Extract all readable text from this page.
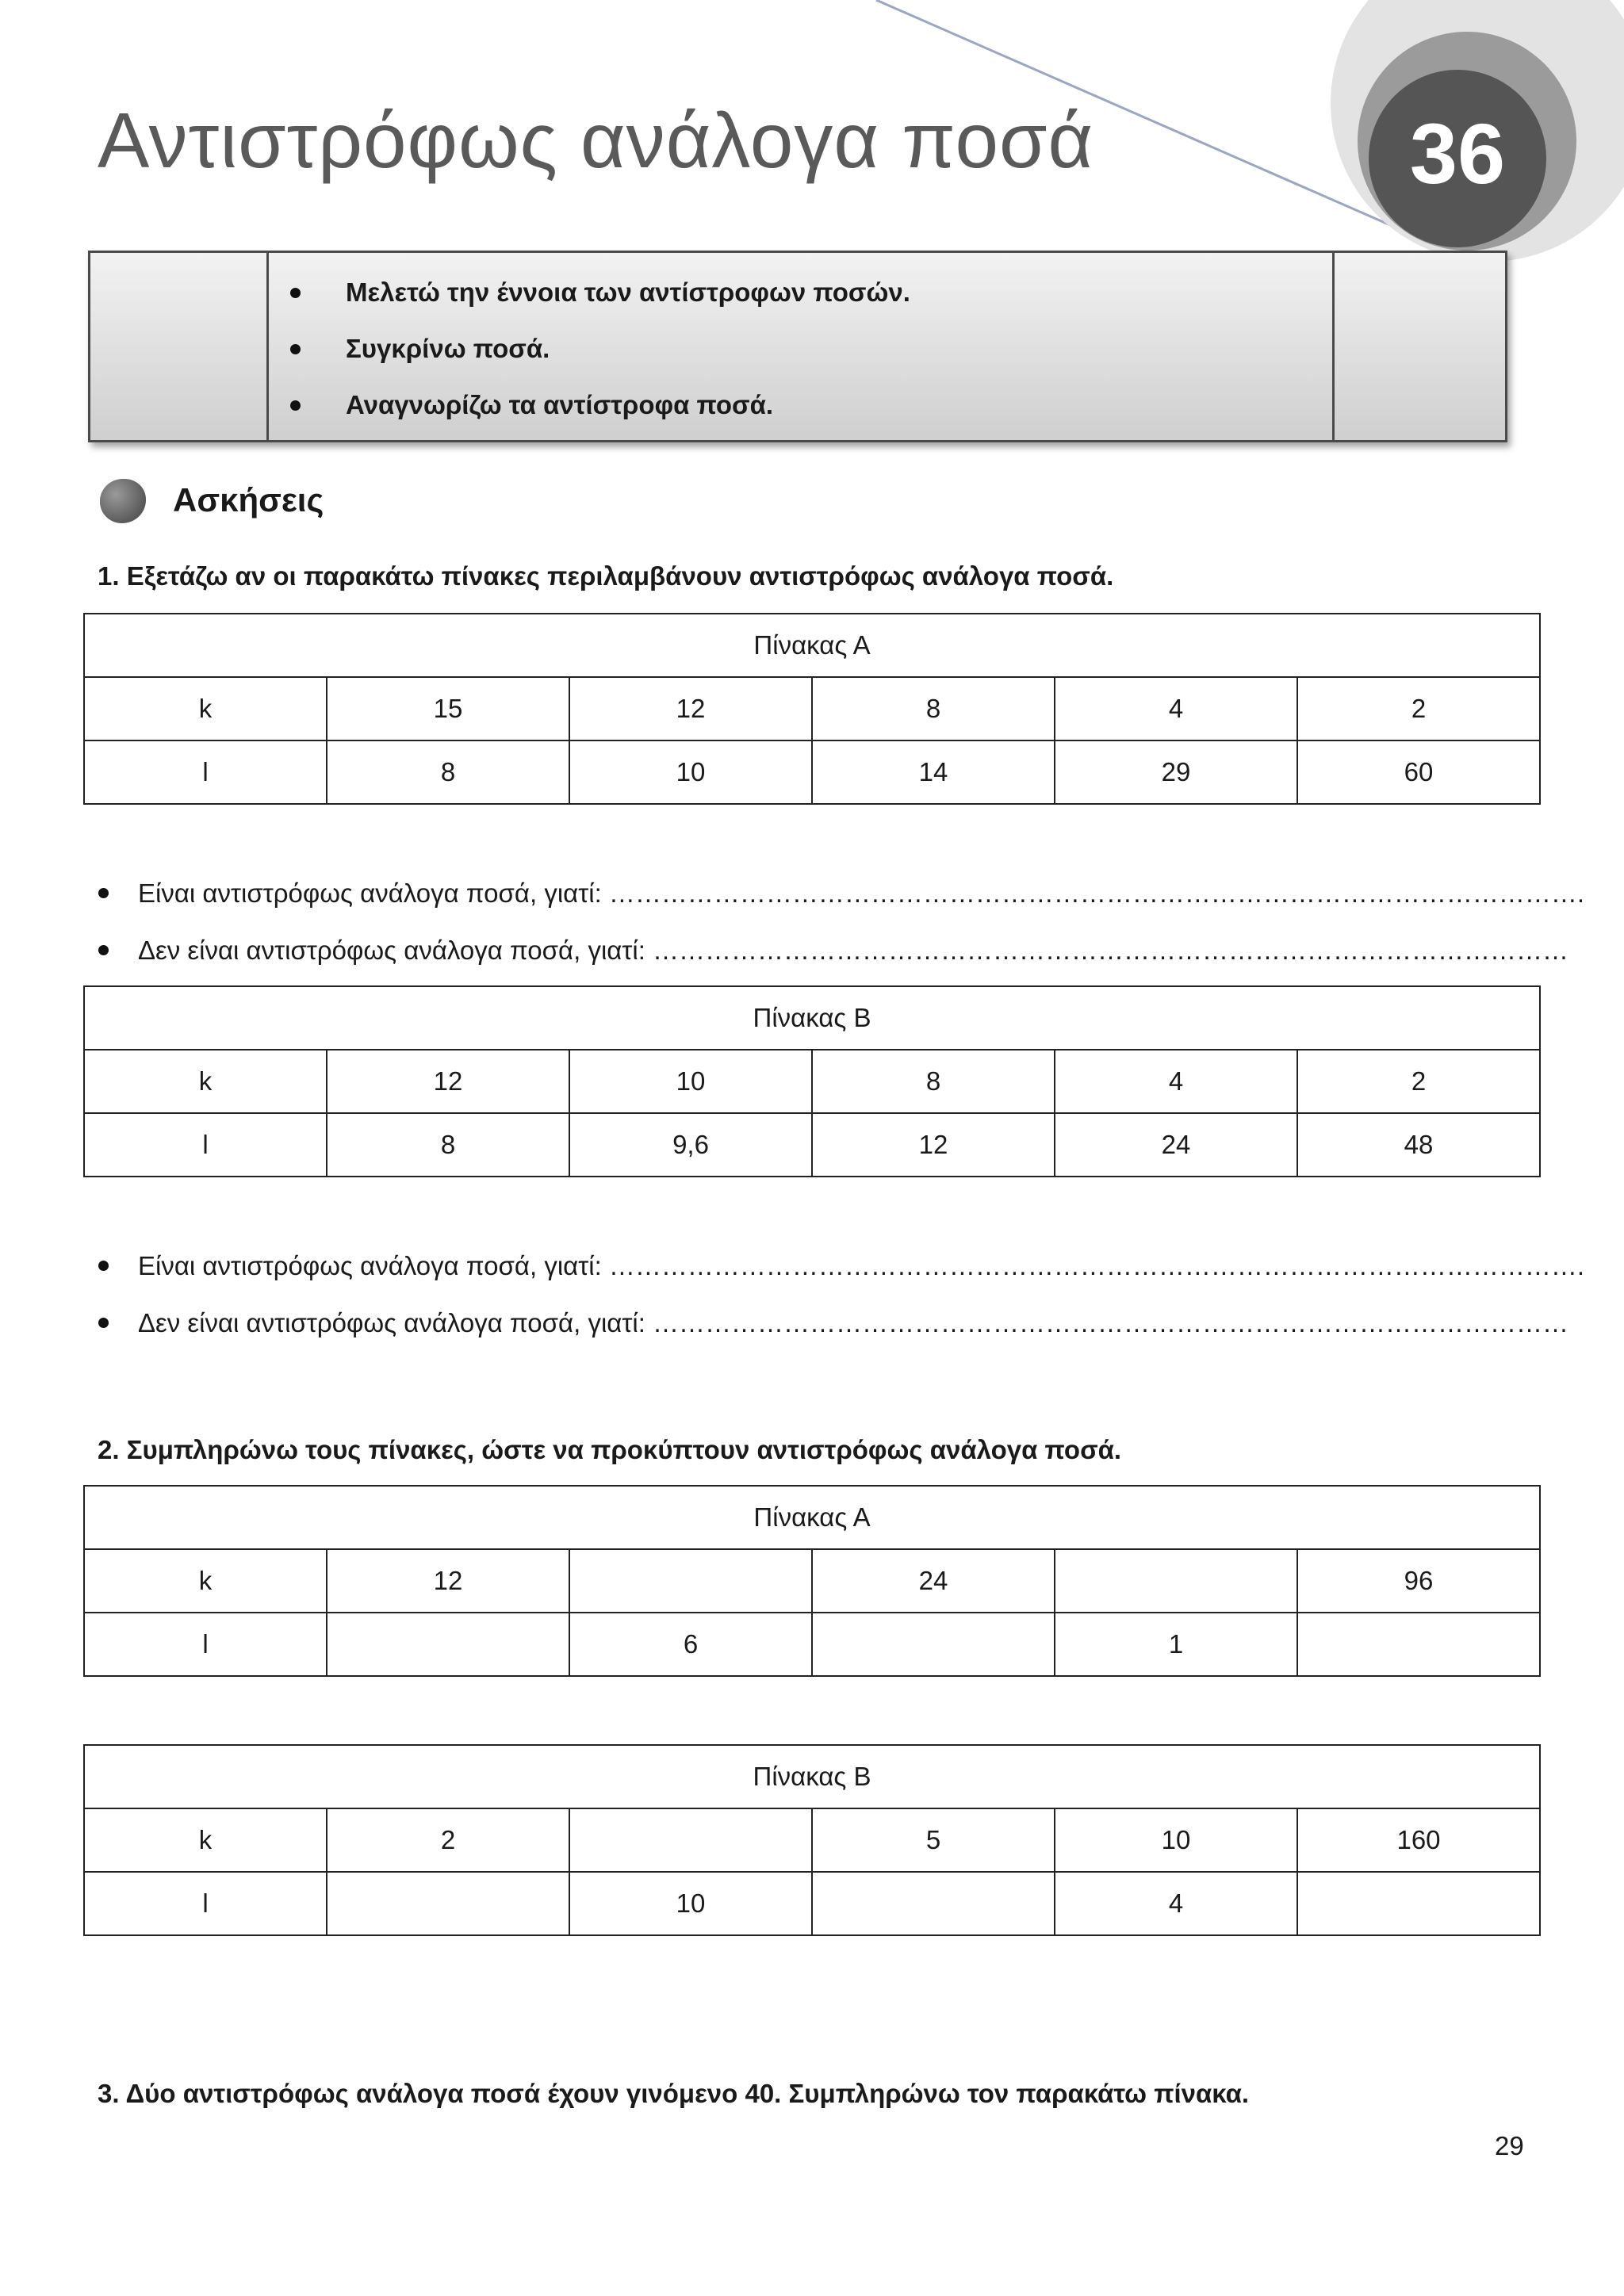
Αντιστρόφως ανάλογα ποσά	36
Μελετώ την έννοια των αντίστροφων ποσών.
Συγκρίνω ποσά.
Αναγνωρίζω τα αντίστροφα ποσά.
Ασκήσεις
1. Εξετάζω αν οι παρακάτω πίνακες περιλαμβάνουν αντιστρόφως ανάλογα ποσά.
Πίνακας Α					
k	15	12	8	4	2
l	8	10	14	29	60
Είναι αντιστρόφως ανάλογα ποσά, γιατί: ………………………………………………………………………………………………….
Δεν είναι αντιστρόφως ανάλογα ποσά, γιατί: ……………………………………………………………………………………………
Πίνακας Β					
k	12	10	8	4	2
l	8	9,6	12	24	48
Είναι αντιστρόφως ανάλογα ποσά, γιατί: ………………………………………………………………………………………………….
Δεν είναι αντιστρόφως ανάλογα ποσά, γιατί: ……………………………………………………………………………………………
2. Συμπληρώνω τους πίνακες, ώστε να προκύπτουν αντιστρόφως ανάλογα ποσά.
Πίνακας Α					
k	12		24		96
l		6		1	
Πίνακας Β					
k	2		5	10	160
l		10		4	
3. Δύο αντιστρόφως ανάλογα ποσά έχουν γινόμενο 40. Συμπληρώνω τον παρακάτω πίνακα.
29
